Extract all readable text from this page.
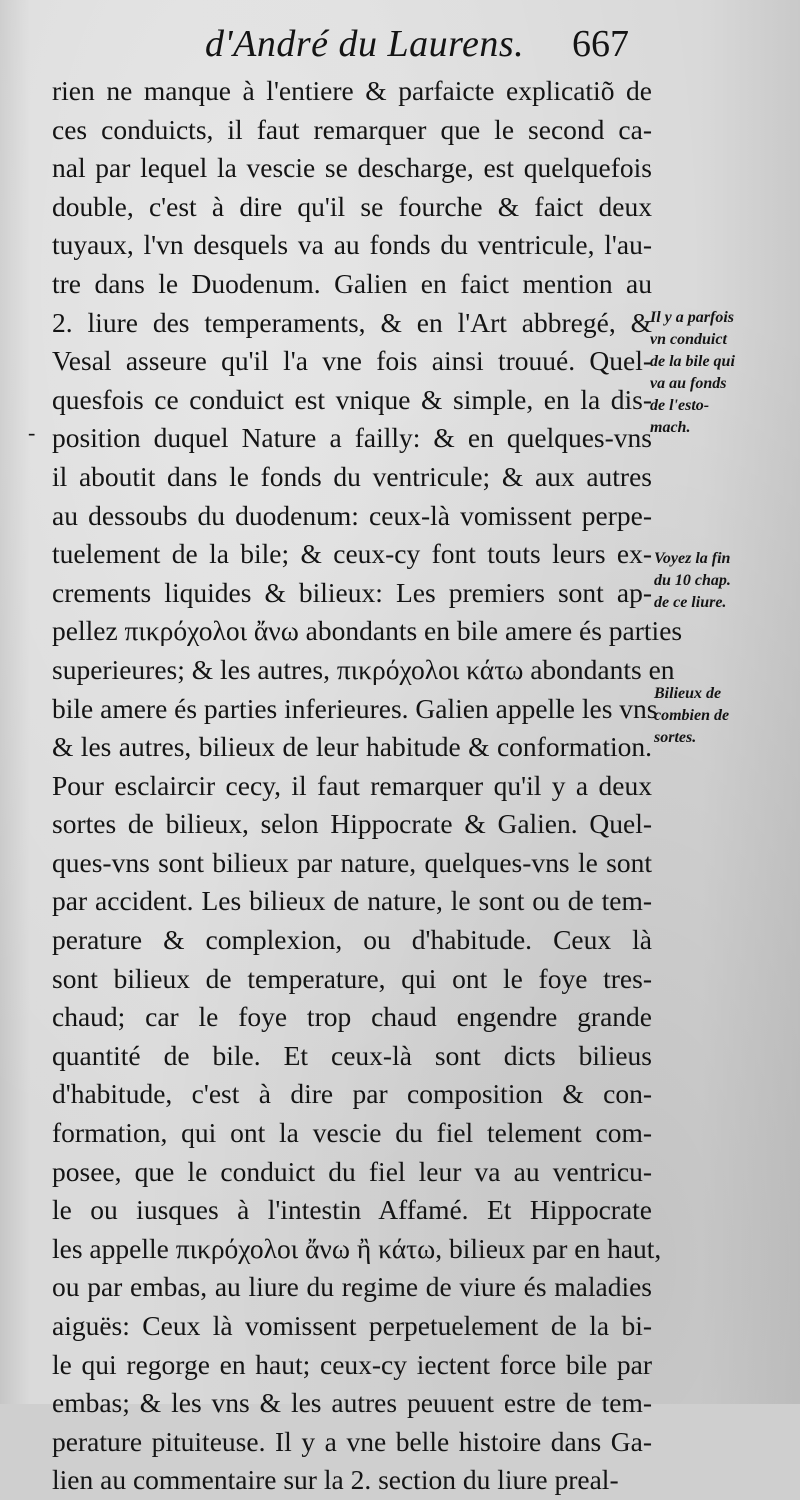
d'André du Laurens. 667
-
rien ne manque à l'entiere & parfaicte explicatiõ de
ces conduicts, il faut remarquer que le second ca-
nal par lequel la vescie se descharge, est quelquefois
double, c'est à dire qu'il se fourche & faict deux
tuyaux, l'vn desquels va au fonds du ventricule, l'au-
tre dans le Duodenum. Galien en faict mention au
2. liure des temperaments, & en l'Art abbregé, &
Vesal asseure qu'il l'a vne fois ainsi trouué. Quel-
quesfois ce conduict est vnique & simple, en la dis-
position duquel Nature a failly: & en quelques-vns
il aboutit dans le fonds du ventricule; & aux autres
au dessoubs du duodenum: ceux-là vomissent perpe-
tuelement de la bile; & ceux-cy font touts leurs ex-
crements liquides & bilieux: Les premiers sont ap-
pellez πικρόχολοι ἄνω abondants en bile amere és parties
superieures; & les autres, πικρόχολοι κάτω abondants en
bile amere és parties inferieures. Galien appelle les vns
& les autres, bilieux de leur habitude & conformation.
Pour esclaircir cecy, il faut remarquer qu'il y a deux
sortes de bilieux, selon Hippocrate & Galien. Quel-
ques-vns sont bilieux par nature, quelques-vns le sont
par accident. Les bilieux de nature, le sont ou de tem-
perature & complexion, ou d'habitude. Ceux là
sont bilieux de temperature, qui ont le foye tres-
chaud; car le foye trop chaud engendre grande
quantité de bile. Et ceux-là sont dicts bilieus
d'habitude, c'est à dire par composition & con-
formation, qui ont la vescie du fiel telement com-
posee, que le conduict du fiel leur va au ventricu-
le ou iusques à l'intestin Affamé. Et Hippocrate
les appelle πικρόχολοι ἄνω ἢ κάτω, bilieux par en haut,
ou par embas, au liure du regime de viure és maladies
aiguës: Ceux là vomissent perpetuelement de la bi-
le qui regorge en haut; ceux-cy iectent force bile par
embas; & les vns & les autres peuuent estre de tem-
perature pituiteuse. Il y a vne belle histoire dans Ga-
lien au commentaire sur la 2. section du liure preal-
Il y a parfois
vn conduict
de la bile qui
va au fonds
de l'esto-
mach.
Voyez la fin
du 10 chap.
de ce liure.
Bilieux de
combien de
sortes.
